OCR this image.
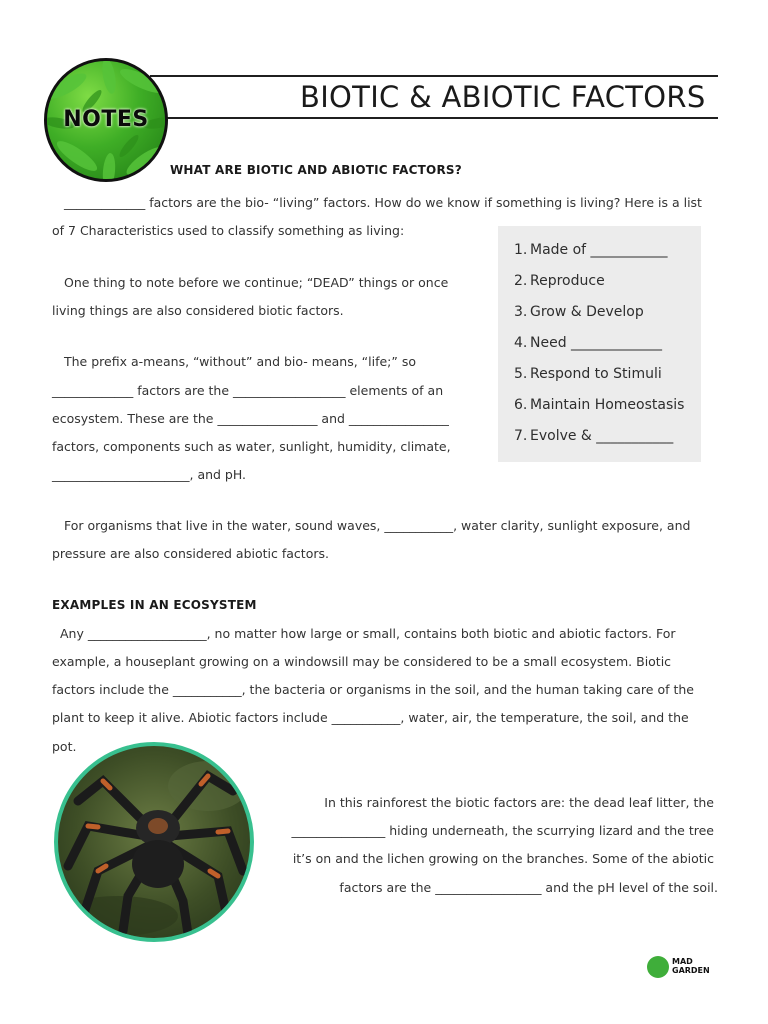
BIOTIC & ABIOTIC FACTORS
NOTES
WHAT ARE BIOTIC AND ABIOTIC FACTORS?
_____________ factors are the bio- “living” factors. How do we know if something is living? Here is a list
of 7 Characteristics used to classify something as living:
One thing to note before we continue; “DEAD” things or once
living things are also considered biotic factors.
The prefix a-means, “without” and bio- means, “life;” so
_____________ factors are the __________________ elements of an
ecosystem. These are the ________________ and ________________
factors, components such as water, sunlight, humidity, climate,
______________________, and pH.
1. Made of ___________
2. Reproduce
3. Grow & Develop
4. Need _____________
5. Respond to Stimuli
6. Maintain Homeostasis
7. Evolve & ___________
For organisms that live in the water, sound waves, ___________, water clarity, sunlight exposure, and
pressure are also considered abiotic factors.
EXAMPLES IN AN ECOSYSTEM
Any ___________________, no matter how large or small, contains both biotic and abiotic factors. For
example, a houseplant growing on a windowsill may be considered to be a small ecosystem. Biotic
factors include the ___________, the bacteria or organisms in the soil, and the human taking care of the
plant to keep it alive. Abiotic factors include ___________, water, air, the temperature, the soil, and the
pot.
In this rainforest the biotic factors are: the dead leaf litter, the
_______________ hiding underneath, the scurrying lizard and the tree
it’s on and the lichen growing on the branches. Some of the abiotic
factors are the _________________ and the pH level of the soil.
MAD
GARDEN
